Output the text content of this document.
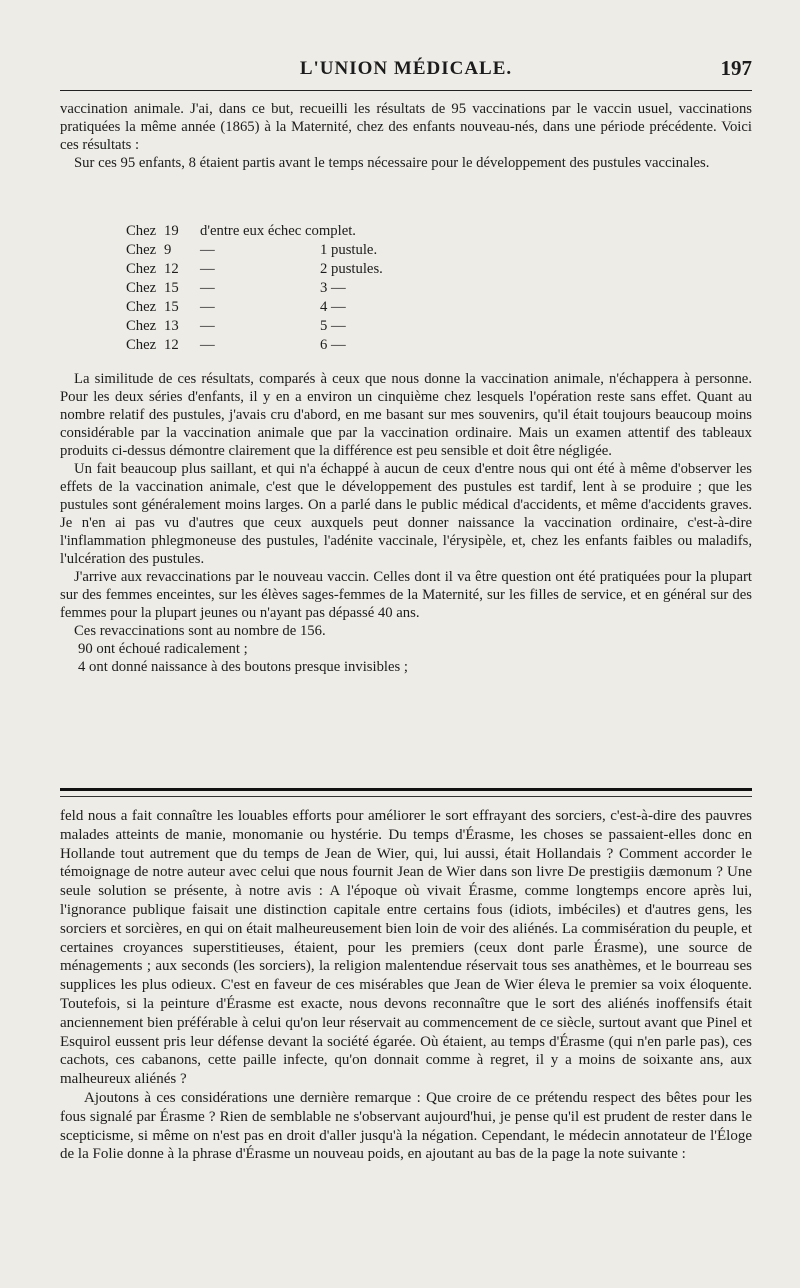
L'UNION MÉDICALE.	197

vaccination animale. J'ai, dans ce but, recueilli les résultats de 95 vaccinations par le vaccin usuel, vaccinations pratiquées la même année (1865) à la Maternité, chez des enfants nouveau-nés, dans une période précédente. Voici ces résultats :

Sur ces 95 enfants, 8 étaient partis avant le temps nécessaire pour le développement des pustules vaccinales.

Chez 19	d'entre eux échec complet.
Chez 9	—	1 pustule.
Chez 12	—	2 pustules.
Chez 15	—	3 —
Chez 15	—	4 —
Chez 13	—	5 —
Chez 12	—	6 —

La similitude de ces résultats, comparés à ceux que nous donne la vaccination animale, n'échappera à personne. Pour les deux séries d'enfants, il y en a environ un cinquième chez lesquels l'opération reste sans effet. Quant au nombre relatif des pustules, j'avais cru d'abord, en me basant sur mes souvenirs, qu'il était toujours beaucoup moins considérable par la vaccination animale que par la vaccination ordinaire. Mais un examen attentif des tableaux produits ci-dessus démontre clairement que la différence est peu sensible et doit être négligée.

Un fait beaucoup plus saillant, et qui n'a échappé à aucun de ceux d'entre nous qui ont été à même d'observer les effets de la vaccination animale, c'est que le développement des pustules est tardif, lent à se produire ; que les pustules sont généralement moins larges. On a parlé dans le public médical d'accidents, et même d'accidents graves. Je n'en ai pas vu d'autres que ceux auxquels peut donner naissance la vaccination ordinaire, c'est-à-dire l'inflammation phlegmoneuse des pustules, l'adénite vaccinale, l'érysipèle, et, chez les enfants faibles ou maladifs, l'ulcération des pustules.

J'arrive aux revaccinations par le nouveau vaccin. Celles dont il va être question ont été pratiquées pour la plupart sur des femmes enceintes, sur les élèves sages-femmes de la Maternité, sur les filles de service, et en général sur des femmes pour la plupart jeunes ou n'ayant pas dépassé 40 ans.

Ces revaccinations sont au nombre de 156.

90 ont échoué radicalement ;

4 ont donné naissance à des boutons presque invisibles ;

feld nous a fait connaître les louables efforts pour améliorer le sort effrayant des sorciers, c'est-à-dire des pauvres malades atteints de manie, monomanie ou hystérie. Du temps d'Érasme, les choses se passaient-elles donc en Hollande tout autrement que du temps de Jean de Wier, qui, lui aussi, était Hollandais ? Comment accorder le témoignage de notre auteur avec celui que nous fournit Jean de Wier dans son livre De prestigiis dæmonum ? Une seule solution se présente, à notre avis : A l'époque où vivait Érasme, comme longtemps encore après lui, l'ignorance publique faisait une distinction capitale entre certains fous (idiots, imbéciles) et d'autres gens, les sorciers et sorcières, en qui on était malheureusement bien loin de voir des aliénés. La commisération du peuple, et certaines croyances superstitieuses, étaient, pour les premiers (ceux dont parle Érasme), une source de ménagements ; aux seconds (les sorciers), la religion malentendue réservait tous ses anathèmes, et le bourreau ses supplices les plus odieux. C'est en faveur de ces misérables que Jean de Wier éleva le premier sa voix éloquente. Toutefois, si la peinture d'Érasme est exacte, nous devons reconnaître que le sort des aliénés inoffensifs était anciennement bien préférable à celui qu'on leur réservait au commencement de ce siècle, surtout avant que Pinel et Esquirol eussent pris leur défense devant la société égarée. Où étaient, au temps d'Érasme (qui n'en parle pas), ces cachots, ces cabanons, cette paille infecte, qu'on donnait comme à regret, il y a moins de soixante ans, aux malheureux aliénés ?

Ajoutons à ces considérations une dernière remarque : Que croire de ce prétendu respect des bêtes pour les fous signalé par Érasme ? Rien de semblable ne s'observant aujourd'hui, je pense qu'il est prudent de rester dans le scepticisme, si même on n'est pas en droit d'aller jusqu'à la négation. Cependant, le médecin annotateur de l'Éloge de la Folie donne à la phrase d'Érasme un nouveau poids, en ajoutant au bas de la page la note suivante :
